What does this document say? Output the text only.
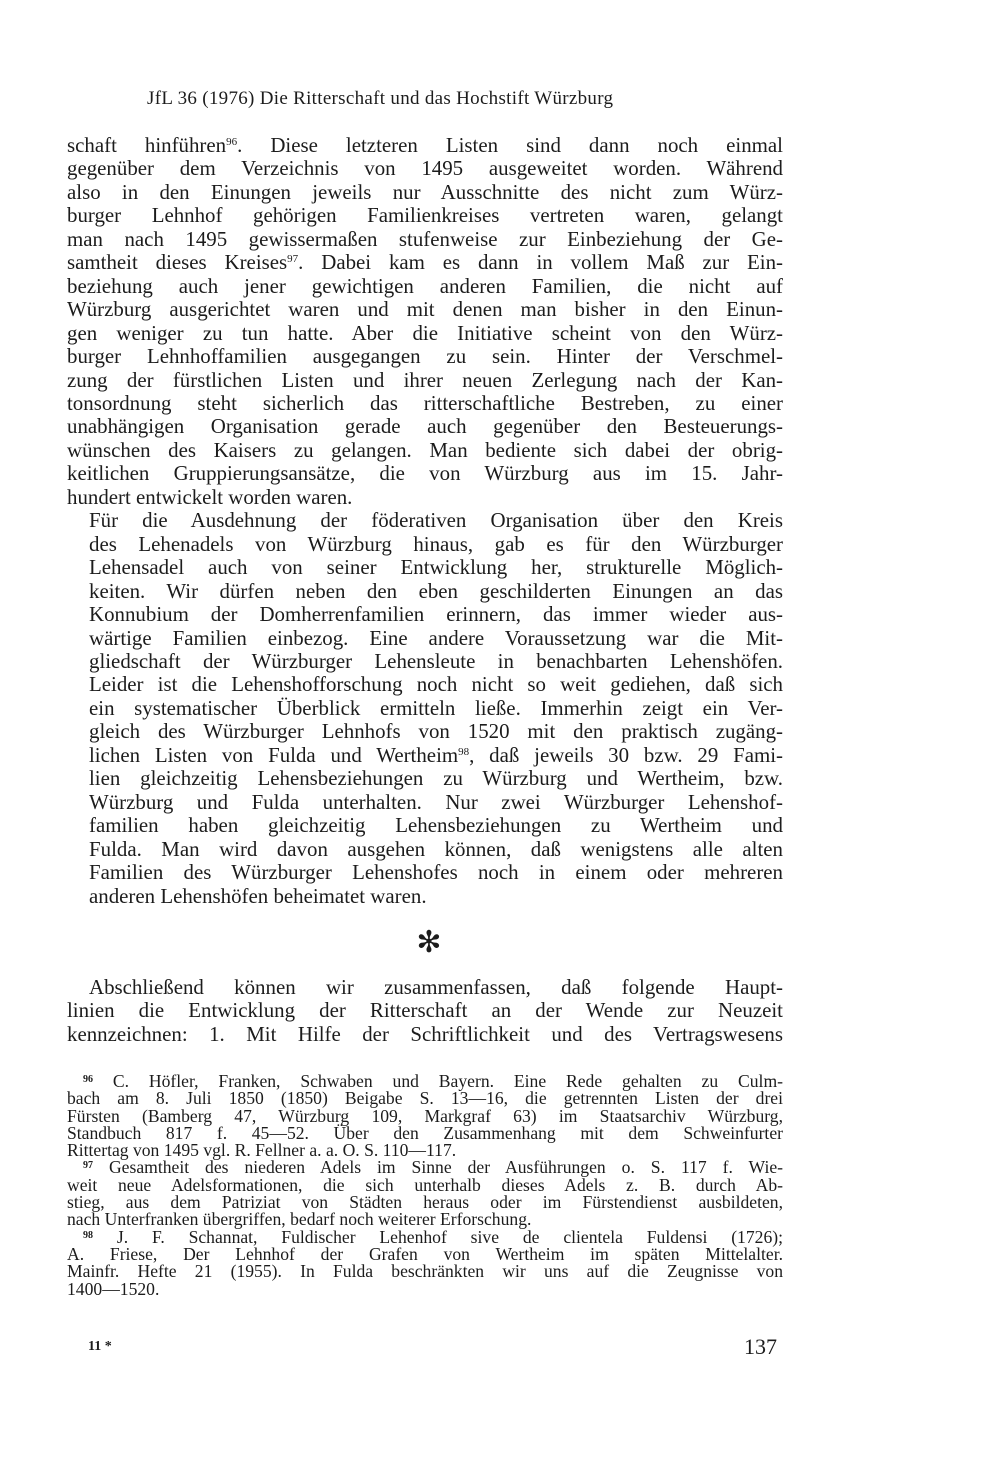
JfL 36 (1976) Die Ritterschaft und das Hochstift Würzburg

schaft hinführen$^{96}$. Diese letzteren Listen sind dann noch einmal
gegenüber dem Verzeichnis von 1495 ausgeweitet worden. Während
also in den Einungen jeweils nur Ausschnitte des nicht zum Würz-
burger Lehnhof gehörigen Familienkreises vertreten waren, gelangt
man nach 1495 gewissermaßen stufenweise zur Einbeziehung der Ge-
samtheit dieses Kreises$^{97}$. Dabei kam es dann in vollem Maß zur Ein-
beziehung auch jener gewichtigen anderen Familien, die nicht auf
Würzburg ausgerichtet waren und mit denen man bisher in den Einun-
gen weniger zu tun hatte. Aber die Initiative scheint von den Würz-
burger Lehnhoffamilien ausgegangen zu sein. Hinter der Verschmel-
zung der fürstlichen Listen und ihrer neuen Zerlegung nach der Kan-
tonsordnung steht sicherlich das ritterschaftliche Bestreben, zu einer
unabhängigen Organisation gerade auch gegenüber den Besteuerungs-
wünschen des Kaisers zu gelangen. Man bediente sich dabei der obrig-
keitlichen Gruppierungsansätze, die von Würzburg aus im 15. Jahr-
hundert entwickelt worden waren.

Für die Ausdehnung der föderativen Organisation über den Kreis
des Lehenadels von Würzburg hinaus, gab es für den Würzburger
Lehensadel auch von seiner Entwicklung her, strukturelle Möglich-
keiten. Wir dürfen neben den eben geschilderten Einungen an das
Konnubium der Domherrenfamilien erinnern, das immer wieder aus-
wärtige Familien einbezog. Eine andere Voraussetzung war die Mit-
gliedschaft der Würzburger Lehensleute in benachbarten Lehenshöfen.
Leider ist die Lehenshofforschung noch nicht so weit gediehen, daß sich
ein systematischer Überblick ermitteln ließe. Immerhin zeigt ein Ver-
gleich des Würzburger Lehnhofs von 1520 mit den praktisch zugäng-
lichen Listen von Fulda und Wertheim$^{98}$, daß jeweils 30 bzw. 29 Fami-
lien gleichzeitig Lehensbeziehungen zu Würzburg und Wertheim, bzw.
Würzburg und Fulda unterhalten. Nur zwei Würzburger Lehenshof-
familien haben gleichzeitig Lehensbeziehungen zu Wertheim und
Fulda. Man wird davon ausgehen können, daß wenigstens alle alten
Familien des Würzburger Lehenshofes noch in einem oder mehreren
anderen Lehenshöfen beheimatet waren.

✻
Abschließend können wir zusammenfassen, daß folgende Haupt-
linien die Entwicklung der Ritterschaft an der Wende zur Neuzeit
kennzeichnen: 1. Mit Hilfe der Schriftlichkeit und des Vertragswesens
$^{96}$ C. Höfler, Franken, Schwaben und Bayern. Eine Rede gehalten zu Culm-
bach am 8. Juli 1850 (1850) Beigabe S. 13—16, die getrennten Listen der drei
Fürsten (Bamberg 47, Würzburg 109, Markgraf 63) im Staatsarchiv Würzburg,
Standbuch 817 f. 45—52. Über den Zusammenhang mit dem Schweinfurter
Rittertag von 1495 vgl. R. Fellner a. a. O. S. 110—117.
$^{97}$ Gesamtheit des niederen Adels im Sinne der Ausführungen o. S. 117 f. Wie-
weit neue Adelsformationen, die sich unterhalb dieses Adels z. B. durch Ab-
stieg, aus dem Patriziat von Städten heraus oder im Fürstendienst ausbildeten,
nach Unterfranken übergriffen, bedarf noch weiterer Erforschung.
$^{98}$ J. F. Schannat, Fuldischer Lehenhof sive de clientela Fuldensi (1726);
A. Friese, Der Lehnhof der Grafen von Wertheim im späten Mittelalter.
Mainfr. Hefte 21 (1955). In Fulda beschränkten wir uns auf die Zeugnisse von
1400—1520.
11 *	137
